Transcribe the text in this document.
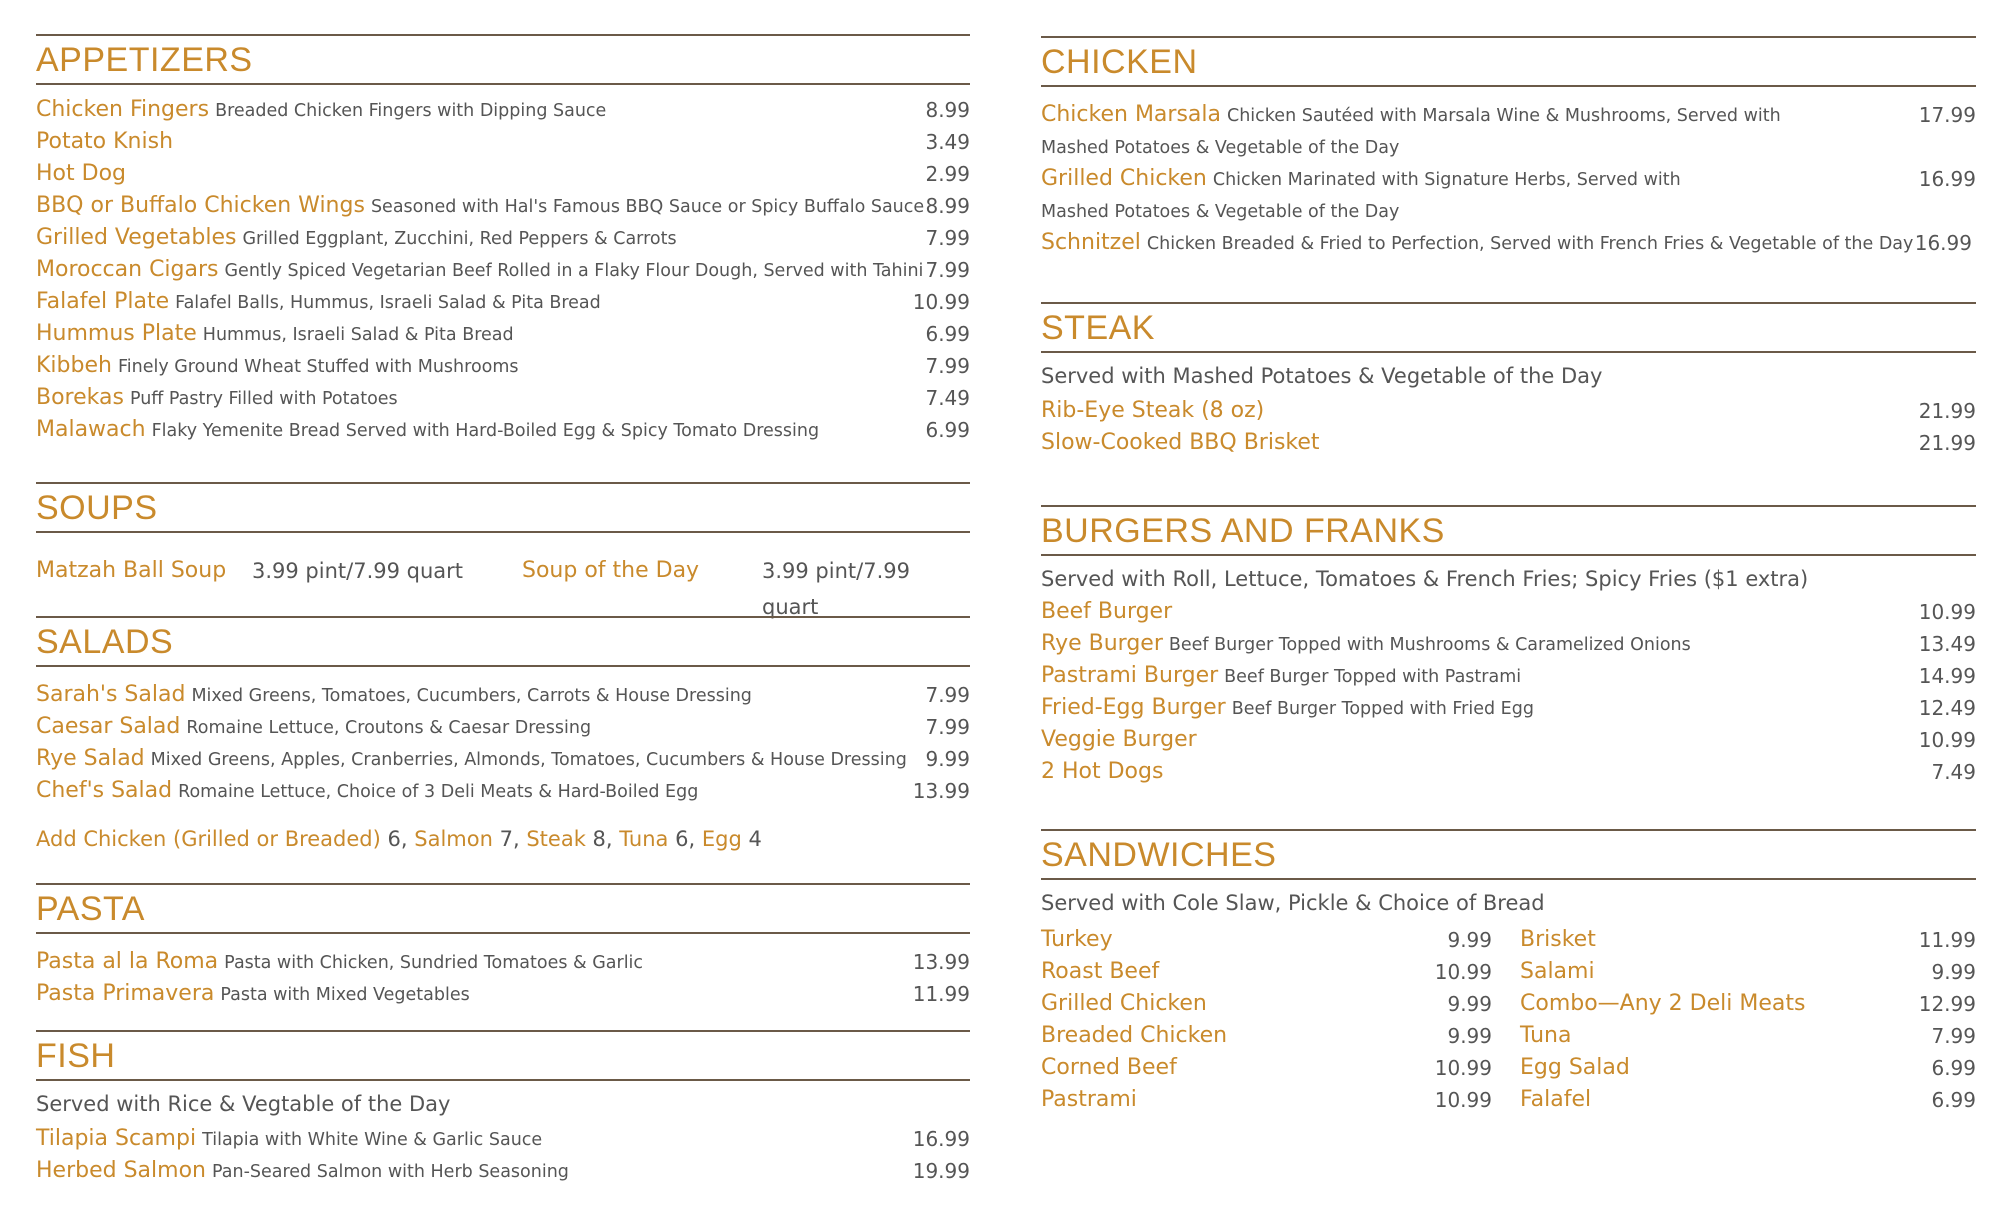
APPETIZERS
Chicken Fingers Breaded Chicken Fingers with Dipping Sauce	8.99
Potato Knish	3.49
Hot Dog	2.99
BBQ or Buffalo Chicken Wings Seasoned with Hal's Famous BBQ Sauce or Spicy Buffalo Sauce 8.99
Grilled Vegetables Grilled Eggplant, Zucchini, Red Peppers & Carrots	7.99
Moroccan Cigars Gently Spiced Vegetarian Beef Rolled in a Flaky Flour Dough, Served with Tahini 7.99
Falafel Plate Falafel Balls, Hummus, Israeli Salad & Pita Bread	10.99
Hummus Plate Hummus, Israeli Salad & Pita Bread	6.99
Kibbeh Finely Ground Wheat Stuffed with Mushrooms	7.99
Borekas Puff Pastry Filled with Potatoes	7.49
Malawach Flaky Yemenite Bread Served with Hard-Boiled Egg & Spicy Tomato Dressing	6.99
SOUPS
Matzah Ball Soup 3.99 pint/7.99 quart	Soup of the Day	3.99 pint/7.99 quart
SALADS
Sarah's Salad Mixed Greens, Tomatoes, Cucumbers, Carrots & House Dressing	7.99
Caesar Salad Romaine Lettuce, Croutons & Caesar Dressing	7.99
Rye Salad Mixed Greens, Apples, Cranberries, Almonds, Tomatoes, Cucumbers & House Dressing 9.99
Chef's Salad Romaine Lettuce, Choice of 3 Deli Meats & Hard-Boiled Egg	13.99
Add Chicken (Grilled or Breaded) 6, Salmon 7, Steak 8, Tuna 6, Egg 4
PASTA
Pasta al la Roma Pasta with Chicken, Sundried Tomatoes & Garlic	13.99
Pasta Primavera Pasta with Mixed Vegetables	11.99
FISH
Served with Rice & Vegtable of the Day
Tilapia Scampi Tilapia with White Wine & Garlic Sauce	16.99
Herbed Salmon Pan-Seared Salmon with Herb Seasoning	19.99
CHICKEN
Chicken Marsala Chicken Sautéed with Marsala Wine & Mushrooms, Served with
Mashed Potatoes & Vegetable of the Day
17.99
Grilled Chicken Chicken Marinated with Signature Herbs, Served with
Mashed Potatoes & Vegetable of the Day
16.99
Schnitzel Chicken Breaded & Fried to Perfection, Served with French Fries & Vegetable of the Day 16.99
STEAK
Served with Mashed Potatoes & Vegetable of the Day
Rib-Eye Steak (8 oz)	21.99
Slow-Cooked BBQ Brisket	21.99
BURGERS AND FRANKS
Served with Roll, Lettuce, Tomatoes & French Fries; Spicy Fries ($1 extra)
Beef Burger	10.99
Rye Burger Beef Burger Topped with Mushrooms & Caramelized Onions	13.49
Pastrami Burger Beef Burger Topped with Pastrami	14.99
Fried-Egg Burger Beef Burger Topped with Fried Egg	12.49
Veggie Burger	10.99
2 Hot Dogs	7.49
SANDWICHES
Served with Cole Slaw, Pickle & Choice of Bread
Turkey	9.99
Roast Beef	10.99
Grilled Chicken	9.99
Breaded Chicken	9.99
Corned Beef	10.99
Pastrami	10.99
Brisket	11.99
Salami	9.99
Combo—Any 2 Deli Meats	12.99
Tuna	7.99
Egg Salad	6.99
Falafel	6.99
